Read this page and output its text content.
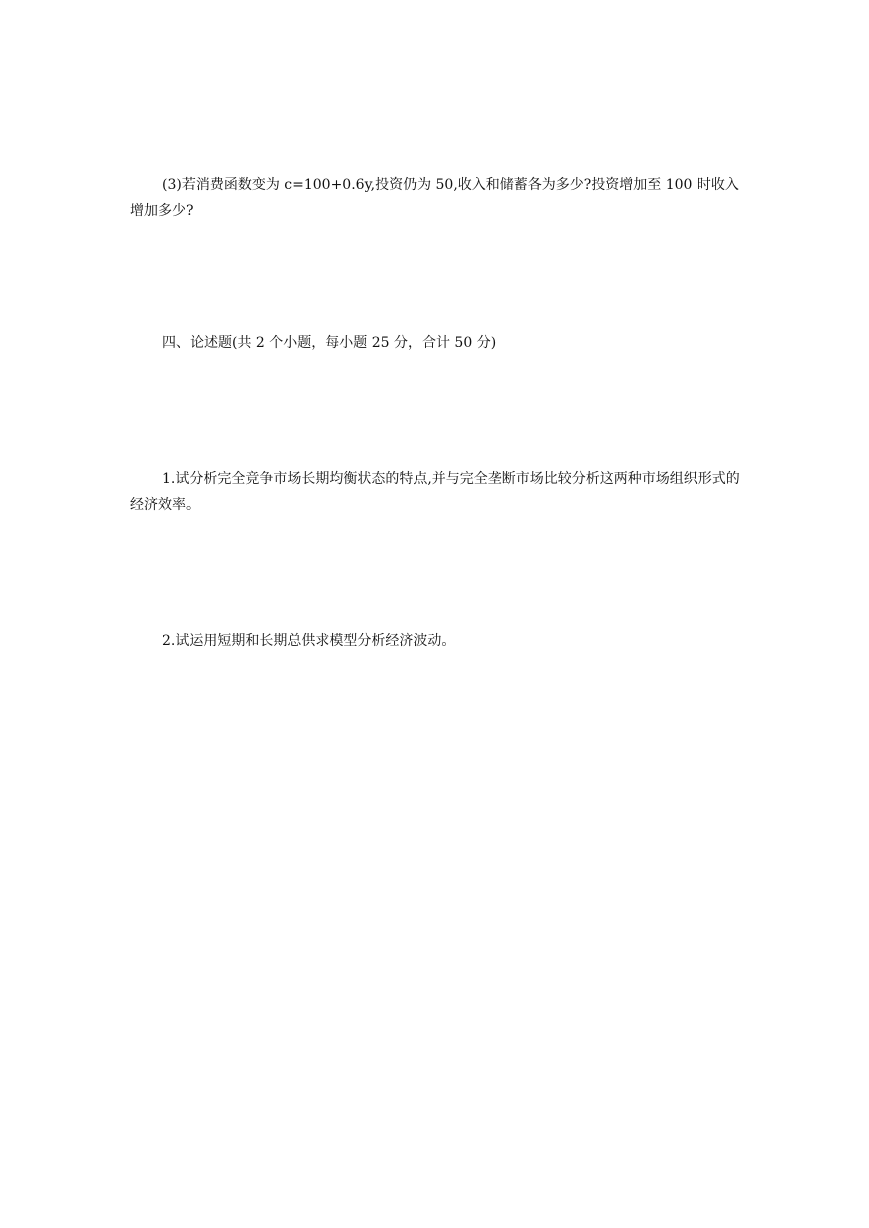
(3)若消费函数变为 c=100+0.6y,投资仍为 50,收入和储蓄各为多少?投资增加至 100 时收入增加多少?

四、论述题(共 2 个小题，每小题 25 分，合计 50 分)

1.试分析完全竞争市场长期均衡状态的特点,并与完全垄断市场比较分析这两种市场组织形式的经济效率。

2.试运用短期和长期总供求模型分析经济波动。
